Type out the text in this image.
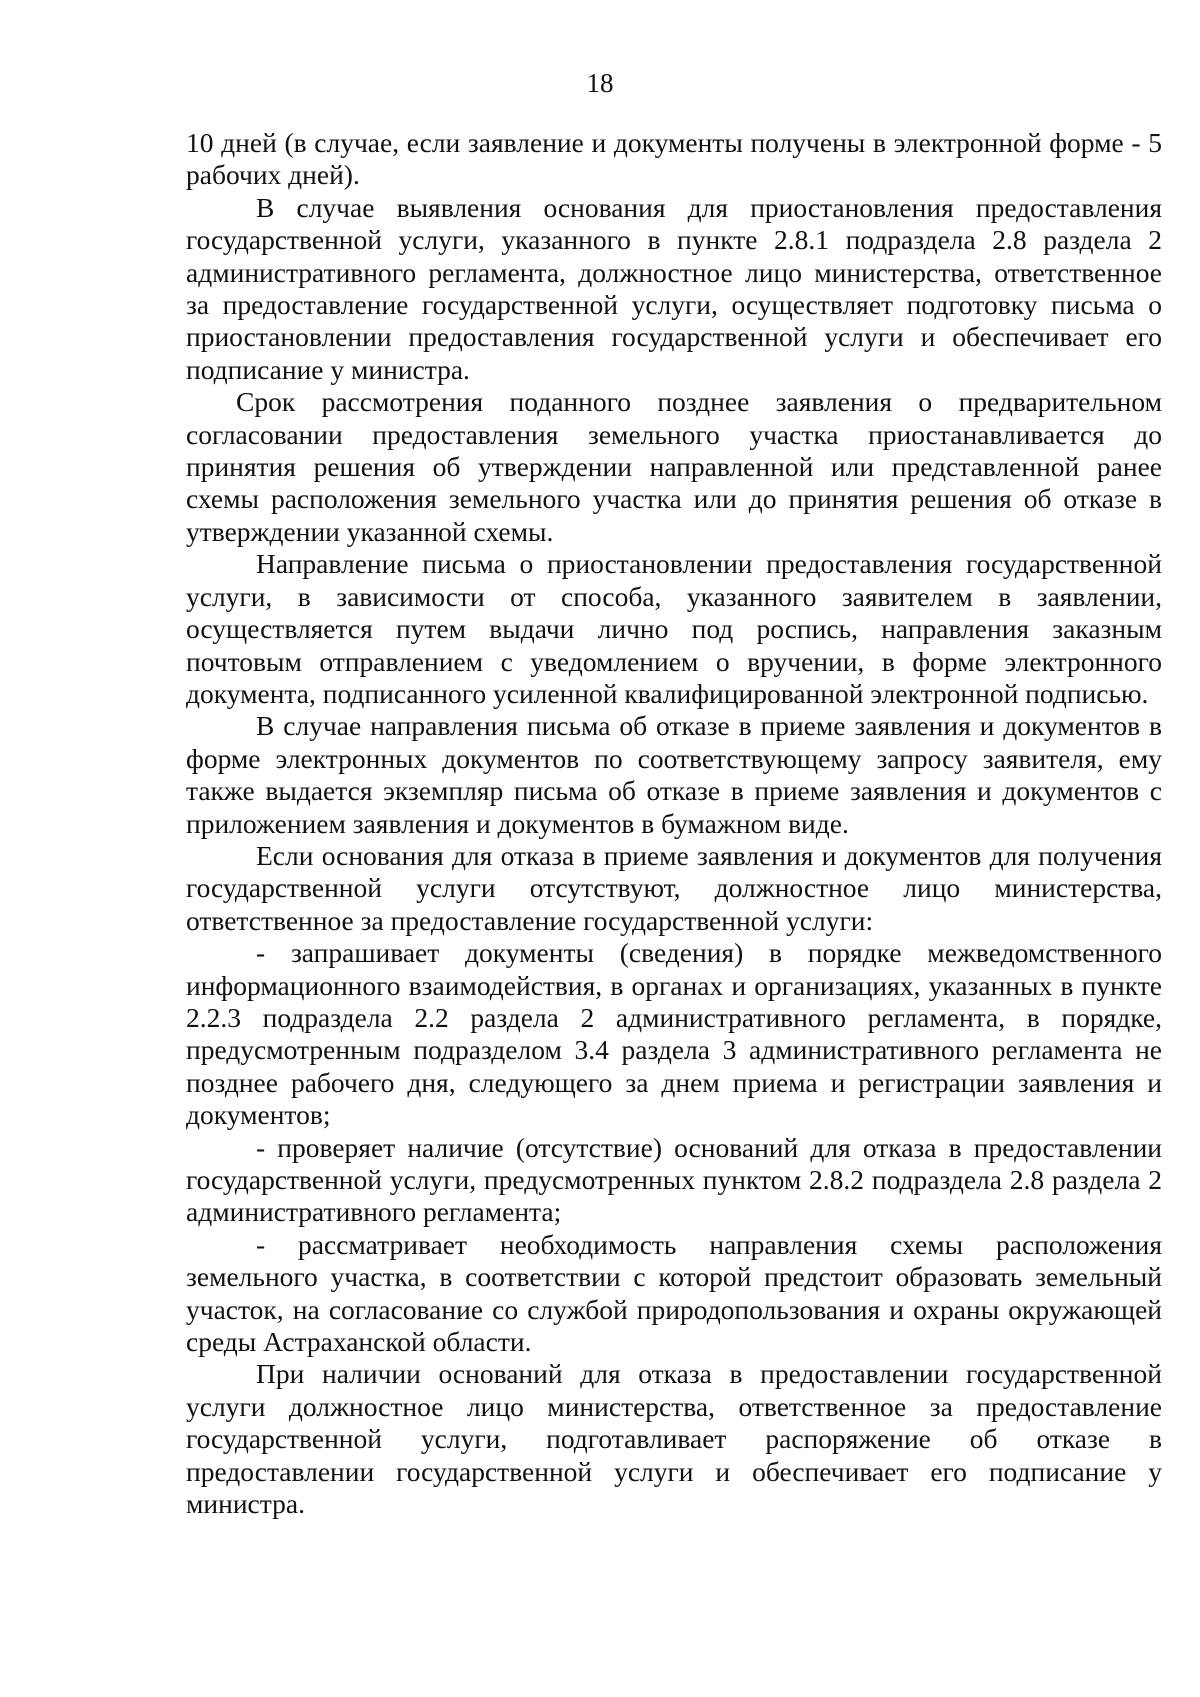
18

10 дней (в случае, если заявление и документы получены в электронной форме - 5 рабочих дней).

В случае выявления основания для приостановления предоставления государственной услуги, указанного в пункте 2.8.1 подраздела 2.8 раздела 2 административного регламента, должностное лицо министерства, ответственное за предоставление государственной услуги, осуществляет подготовку письма о приостановлении предоставления государственной услуги и обеспечивает его подписание у министра.

Срок рассмотрения поданного позднее заявления о предварительном согласовании предоставления земельного участка приостанавливается до принятия решения об утверждении направленной или представленной ранее схемы расположения земельного участка или до принятия решения об отказе в утверждении указанной схемы.

Направление письма о приостановлении предоставления государственной услуги, в зависимости от способа, указанного заявителем в заявлении, осуществляется путем выдачи лично под роспись, направления заказным почтовым отправлением с уведомлением о вручении, в форме электронного документа, подписанного усиленной квалифицированной электронной подписью.

В случае направления письма об отказе в приеме заявления и документов в форме электронных документов по соответствующему запросу заявителя, ему также выдается экземпляр письма об отказе в приеме заявления и документов с приложением заявления и документов в бумажном виде.

Если основания для отказа в приеме заявления и документов для получения государственной услуги отсутствуют, должностное лицо министерства, ответственное за предоставление государственной услуги:

- запрашивает документы (сведения) в порядке межведомственного информационного взаимодействия, в органах и организациях, указанных в пункте 2.2.3 подраздела 2.2 раздела 2 административного регламента, в порядке, предусмотренным подразделом 3.4 раздела 3 административного регламента не позднее рабочего дня, следующего за днем приема и регистрации заявления и документов;

- проверяет наличие (отсутствие) оснований для отказа в предоставлении государственной услуги, предусмотренных пунктом 2.8.2 подраздела 2.8 раздела 2 административного регламента;

- рассматривает необходимость направления схемы расположения земельного участка, в соответствии с которой предстоит образовать земельный участок, на согласование со службой природопользования и охраны окружающей среды Астраханской области.

При наличии оснований для отказа в предоставлении государственной услуги должностное лицо министерства, ответственное за предоставление государственной услуги, подготавливает распоряжение об отказе в предоставлении государственной услуги и обеспечивает его подписание у министра.
